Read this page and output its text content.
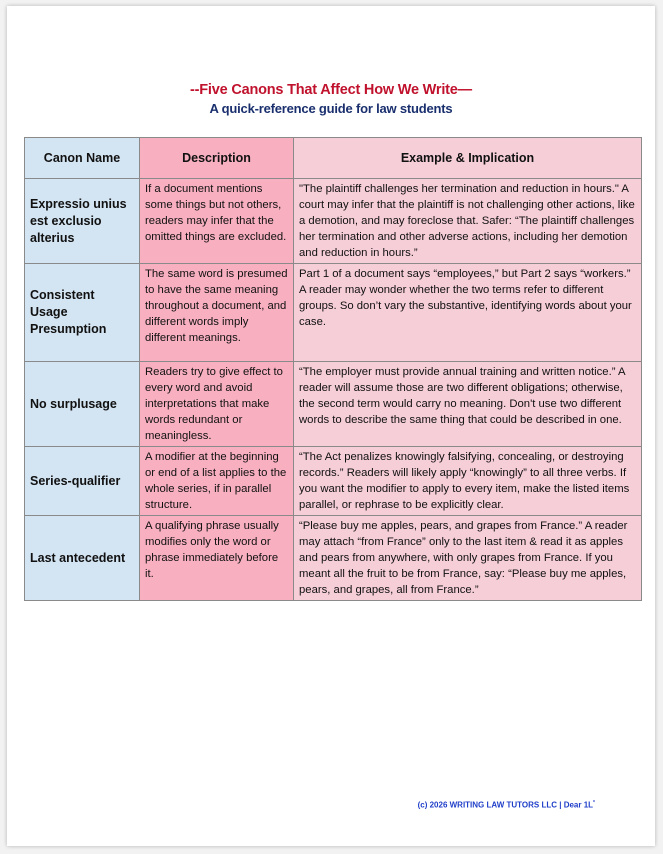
--Five Canons That Affect How We Write—
A quick-reference guide for law students
Canon Name	Description	Example & Implication
Expressio unius est exclusio alterius	If a document mentions some things but not others, readers may infer that the omitted things are excluded.	"The plaintiff challenges her termination and reduction in hours." A court may infer that the plaintiff is not challenging other actions, like a demotion, and may foreclose that. Safer: “The plaintiff challenges her termination and other adverse actions, including her demotion and reduction in hours.”
Consistent Usage Presumption	The same word is presumed to have the same meaning throughout a document, and different words imply different meanings.	Part 1 of a document says “employees,” but Part 2 says “workers.” A reader may wonder whether the two terms refer to different groups. So don’t vary the substantive, identifying words about your case.
No surplusage	Readers try to give effect to every word and avoid interpretations that make words redundant or meaningless.	“The employer must provide annual training and written notice.” A reader will assume those are two different obligations; otherwise, the second term would carry no meaning. Don't use two different words to describe the same thing that could be described in one.
Series-qualifier	A modifier at the beginning or end of a list applies to the whole series, if in parallel structure.	“The Act penalizes knowingly falsifying, concealing, or destroying records.” Readers will likely apply “knowingly” to all three verbs. If you want the modifier to apply to every item, make the listed items parallel, or rephrase to be explicitly clear.
Last antecedent	A qualifying phrase usually modifies only the word or phrase immediately before it.	“Please buy me apples, pears, and grapes from France.” A reader may attach “from France” only to the last item & read it as apples and pears from anywhere, with only grapes from France. If you meant all the fruit to be from France, say: “Please buy me apples, pears, and grapes, all from France.”
(c) 2026 WRITING LAW TUTORS LLC | Dear 1L*
